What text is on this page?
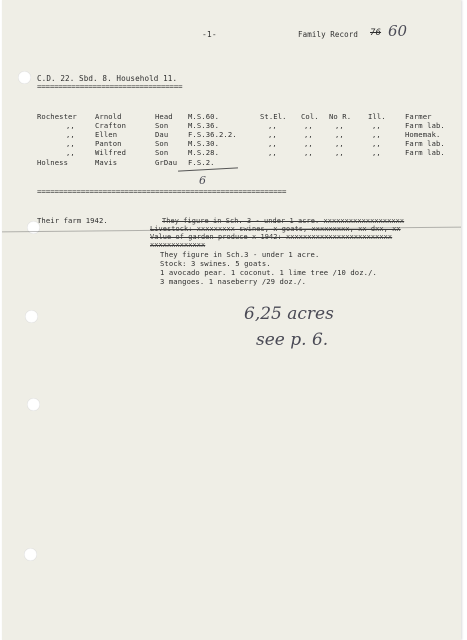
-1-	Family Record 76 60
C.D. 22. Sbd. 8. Household 11.
==================================
Rochester	Arnold	Head M.S.60.	St.El. Col. No R. Ill.	Farmer
,,	Crafton	Son	M.S.36.	,,	,,	,,	,,	Farm lab.
,,	Ellen	Dau	F.S.36.2.2.	,,	,,	,,	,,	Homemak.
,,	Panton	Son	M.S.30.	,,	,,	,,	,,	Farm lab.
,,	Wilfred	Son	M.S.28.	,,	,,	,,	,,	Farm lab.
Holness	Mavis	GrDau F.S.2.
6
=========================================================
Their farm 1942.	They figure in Sch. 3 - under 1 acre. xxxxxxxxxxxxxxxxxxx
Livestock: xxxxxxxxx swines, x goats, xxxxxxxxx, xx dxx, xx
Value of garden produce x 1942: xxxxxxxxxxxxxxxxxxxxxxxxx
xxxxxxxxxxxxx
They figure in Sch.3 - under 1 acre.
Stock: 3 swines. 5 goats.
1 avocado pear. 1 coconut. 1 lime tree /10 doz./.
3 mangoes. 1 naseberry /29 doz./.
6,25 acres
see p. 6.
